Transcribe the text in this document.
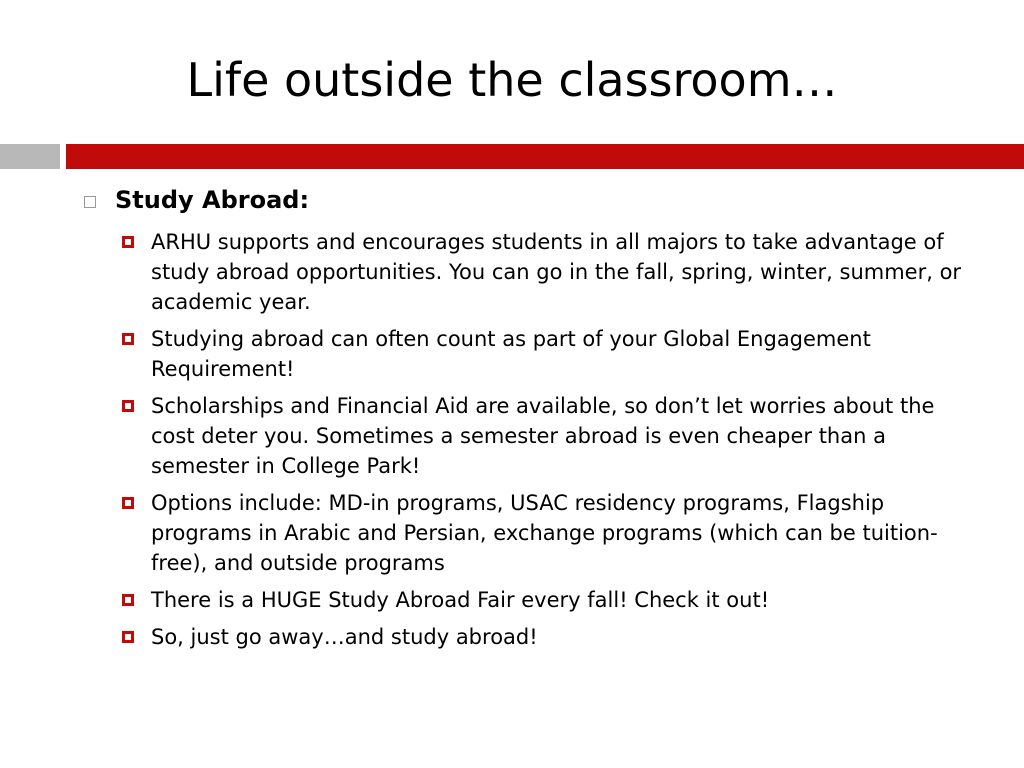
Life outside the classroom…
Study Abroad:
ARHU supports and encourages students in all majors to take advantage of study abroad opportunities. You can go in the fall, spring, winter, summer, or academic year.
Studying abroad can often count as part of your Global Engagement Requirement!
Scholarships and Financial Aid are available, so don’t let worries about the cost deter you. Sometimes a semester abroad is even cheaper than a semester in College Park!
Options include: MD-in programs, USAC residency programs, Flagship programs in Arabic and Persian, exchange programs (which can be tuition-free), and outside programs
There is a HUGE Study Abroad Fair every fall! Check it out!
So, just go away…and study abroad!
